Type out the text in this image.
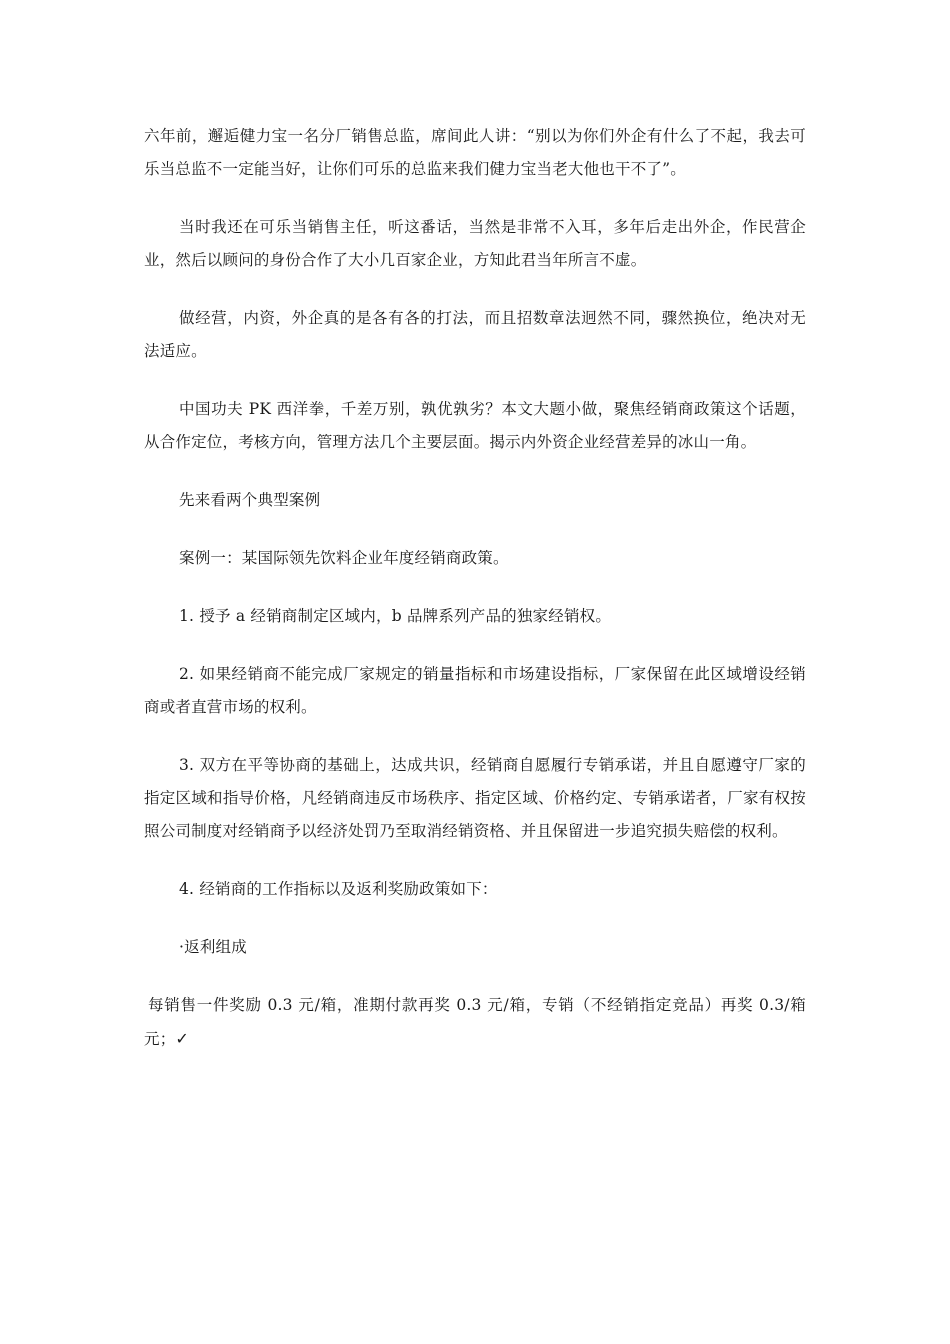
六年前，邂逅健力宝一名分厂销售总监，席间此人讲：“别以为你们外企有什么了不起，我去可乐当总监不一定能当好，让你们可乐的总监来我们健力宝当老大他也干不了”。

当时我还在可乐当销售主任，听这番话，当然是非常不入耳，多年后走出外企，作民营企业，然后以顾问的身份合作了大小几百家企业，方知此君当年所言不虚。

做经营，内资，外企真的是各有各的打法，而且招数章法迥然不同，骤然换位，绝决对无法适应。

中国功夫 PK 西洋拳，千差万别，孰优孰劣？本文大题小做，聚焦经销商政策这个话题，从合作定位，考核方向，管理方法几个主要层面。揭示内外资企业经营差异的冰山一角。

先来看两个典型案例

案例一：某国际领先饮料企业年度经销商政策。

1. 授予 a 经销商制定区域内，b 品牌系列产品的独家经销权。

2. 如果经销商不能完成厂家规定的销量指标和市场建设指标，厂家保留在此区域增设经销商或者直营市场的权利。

3. 双方在平等协商的基础上，达成共识，经销商自愿履行专销承诺，并且自愿遵守厂家的指定区域和指导价格，凡经销商违反市场秩序、指定区域、价格约定、专销承诺者，厂家有权按照公司制度对经销商予以经济处罚乃至取消经销资格、并且保留进一步追究损失赔偿的权利。

4. 经销商的工作指标以及返利奖励政策如下：

·返利组成

每销售一件奖励 0.3 元/箱，准期付款再奖 0.3 元/箱，专销（不经销指定竞品）再奖 0.3/箱元；✓
